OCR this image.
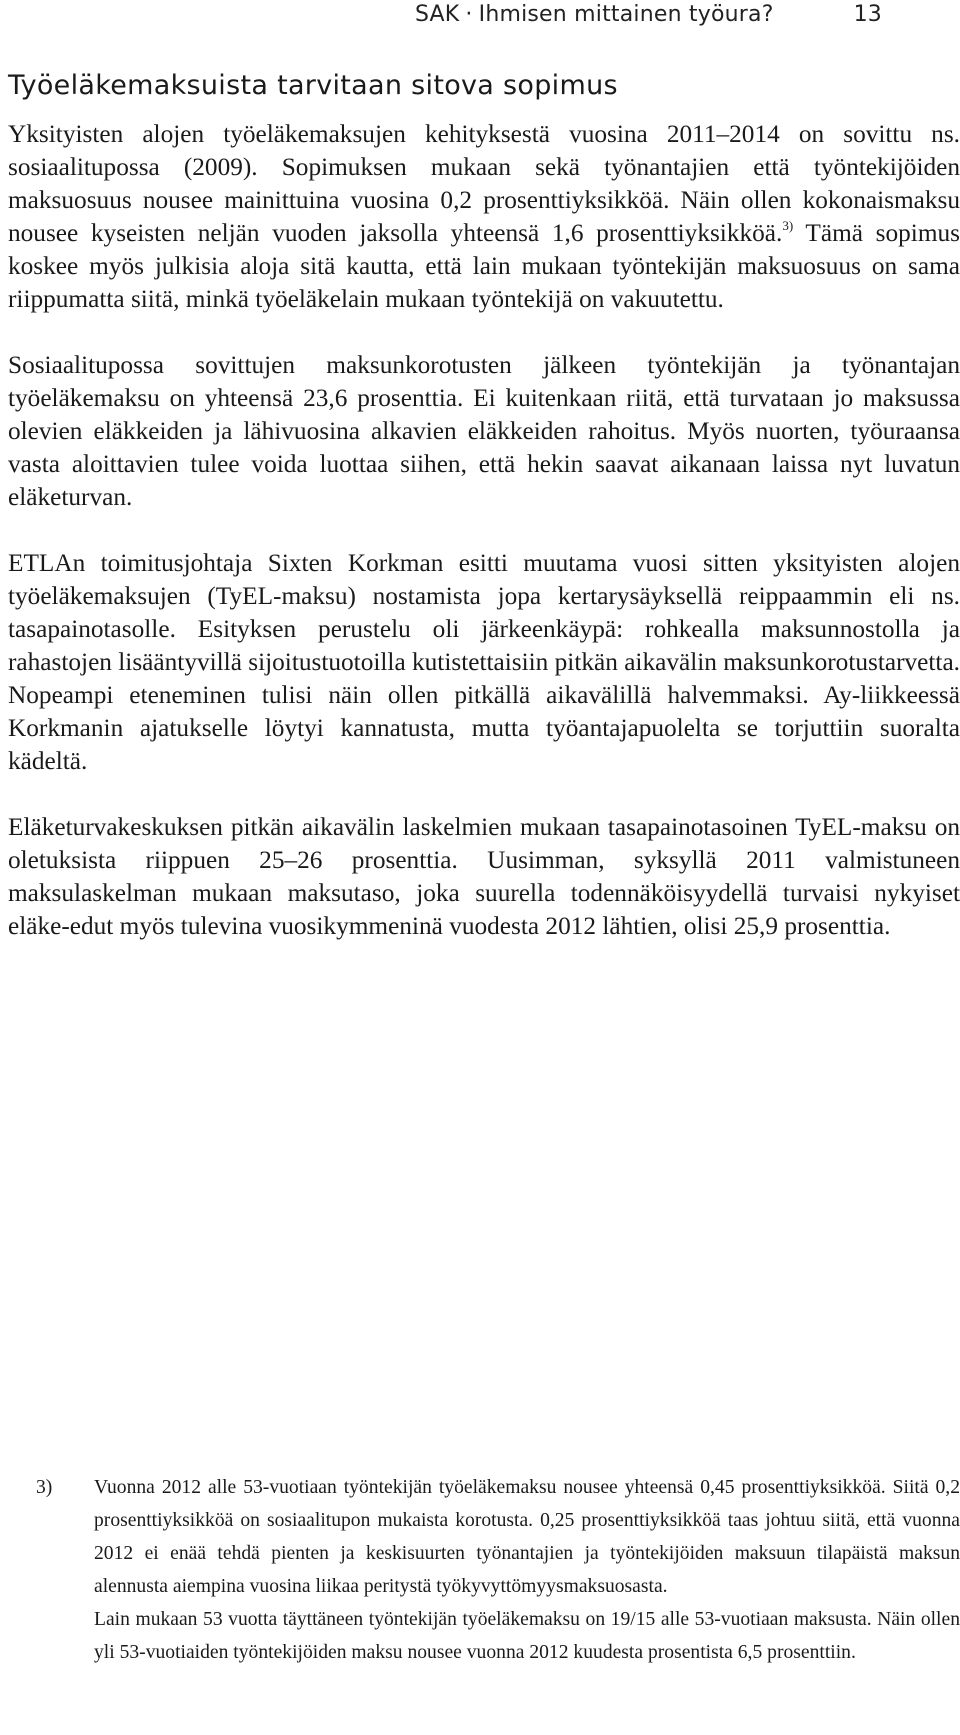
SAK · Ihmisen mittainen työura?	13
Työeläkemaksuista tarvitaan sitova sopimus

Yksityisten alojen työeläkemaksujen kehityksestä vuosina 2011–2014 on sovittu ns. sosiaalitupossa (2009). Sopimuksen mukaan sekä työnantajien että työntekijöiden maksuosuus nousee mainittuina vuosina 0,2 prosenttiyksikköä. Näin ollen kokonaismaksu nousee kyseisten neljän vuoden jaksolla yhteensä 1,6 prosenttiyksikköä.$^{3)}$ Tämä sopimus koskee myös julkisia aloja sitä kautta, että lain mukaan työntekijän maksuosuus on sama riippumatta siitä, minkä työeläkelain mukaan työntekijä on vakuutettu.

Sosiaalitupossa sovittujen maksunkorotusten jälkeen työntekijän ja työnantajan työeläkemaksu on yhteensä 23,6 prosenttia. Ei kuitenkaan riitä, että turvataan jo maksussa olevien eläkkeiden ja lähivuosina alkavien eläkkeiden rahoitus. Myös nuorten, työuraansa vasta aloittavien tulee voida luottaa siihen, että hekin saavat aikanaan laissa nyt luvatun eläketurvan.

ETLAn toimitusjohtaja Sixten Korkman esitti muutama vuosi sitten yksityisten alojen työeläkemaksujen (TyEL-maksu) nostamista jopa kertarysäyksellä reippaammin eli ns. tasapainotasolle. Esityksen perustelu oli järkeenkäypä: rohkealla maksunnostolla ja rahastojen lisääntyvillä sijoitustuotoilla kutistettaisiin pitkän aikavälin maksunkorotustarvetta. Nopeampi eteneminen tulisi näin ollen pitkällä aikavälillä halvemmaksi. Ay-liikkeessä Korkmanin ajatukselle löytyi kannatusta, mutta työantajapuolelta se torjuttiin suoralta kädeltä.

Eläketurvakeskuksen pitkän aikavälin laskelmien mukaan tasapainotasoinen TyEL-maksu on oletuksista riippuen 25–26 prosenttia. Uusimman, syksyllä 2011 valmistuneen maksulaskelman mukaan maksutaso, joka suurella todennäköisyydellä turvaisi nykyiset eläke-edut myös tulevina vuosikymmeninä vuodesta 2012 lähtien, olisi 25,9 prosenttia.

3) Vuonna 2012 alle 53-vuotiaan työntekijän työeläkemaksu nousee yhteensä 0,45 prosenttiyksikköä. Siitä 0,2 prosenttiyksikköä on sosiaalitupon mukaista korotusta. 0,25 prosenttiyksikköä taas johtuu siitä, että vuonna 2012 ei enää tehdä pienten ja keskisuurten työnantajien ja työntekijöiden maksuun tilapäistä maksun alennusta aiempina vuosina liikaa peritystä työkyvyttömyysmaksuosasta.

Lain mukaan 53 vuotta täyttäneen työntekijän työeläkemaksu on 19/15 alle 53-vuotiaan maksusta. Näin ollen yli 53-vuotiaiden työntekijöiden maksu nousee vuonna 2012 kuudesta prosentista 6,5 prosenttiin.
